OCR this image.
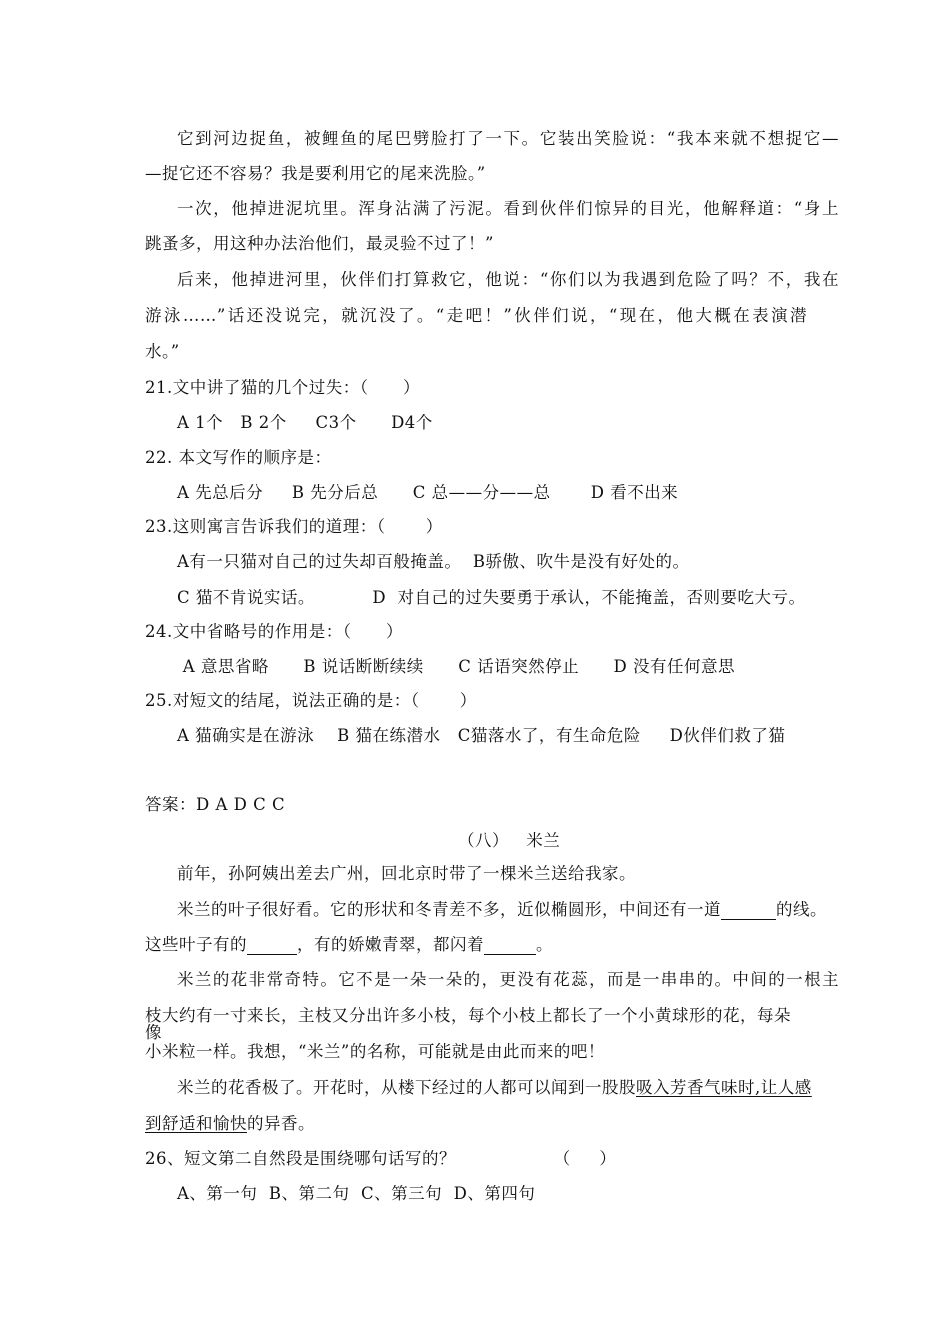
它到河边捉鱼，被鲤鱼的尾巴劈脸打了一下。它装出笑脸说：“我本来就不想捉它—
—捉它还不容易？我是要利用它的尾来洗脸。”
一次，他掉进泥坑里。浑身沾满了污泥。看到伙伴们惊异的目光，他解释道：“身上
跳蚤多，用这种办法治他们，最灵验不过了！”
后来，他掉进河里，伙伴们打算救它，他说：“你们以为我遇到危险了吗？不，我在
游泳……”话还没说完，就沉没了。“走吧！”伙伴们说，“现在，他大概在表演潜
水。”
21.文中讲了猫的几个过失：（      ）
A 1个   B 2个     C3个      D4个
22. 本文写作的顺序是：
A 先总后分     B 先分后总      C 总——分——总       D 看不出来
23.这则寓言告诉我们的道理：（       ）
A有一只猫对自己的过失却百般掩盖。  B骄傲、吹牛是没有好处的。
C 猫不肯说实话。          D  对自己的过失要勇于承认，不能掩盖，否则要吃大亏。
24.文中省略号的作用是：（      ）
A 意思省略      B 说话断断续续      C 话语突然停止      D 没有任何意思
25.对短文的结尾，说法正确的是：（       ）
A 猫确实是在游泳    B 猫在练潜水   C猫落水了，有生命危险     D伙伴们救了猫
答案：D A D C C
（八）   米兰
前年，孙阿姨出差去广州，回北京时带了一棵米兰送给我家。
米兰的叶子很好看。它的形状和冬青差不多，近似椭圆形，中间还有一道	的线。
这些叶子有的	，有的娇嫩青翠，都闪着	。
米兰的花非常奇特。它不是一朵一朵的，更没有花蕊，而是一串串的。中间的一根主
枝大约有一寸来长，主枝又分出许多小枝，每个小枝上都长了一个小黄球形的花，每朵像
小米粒一样。我想，“米兰”的名称，可能就是由此而来的吧！
米兰的花香极了。开花时，从楼下经过的人都可以闻到一股股吸入芳香气味时,让人感
到舒适和愉快的异香。
26、短文第二自然段是围绕哪句话写的？                 （     ）
A、第一句  B、第二句  C、第三句  D、第四句
